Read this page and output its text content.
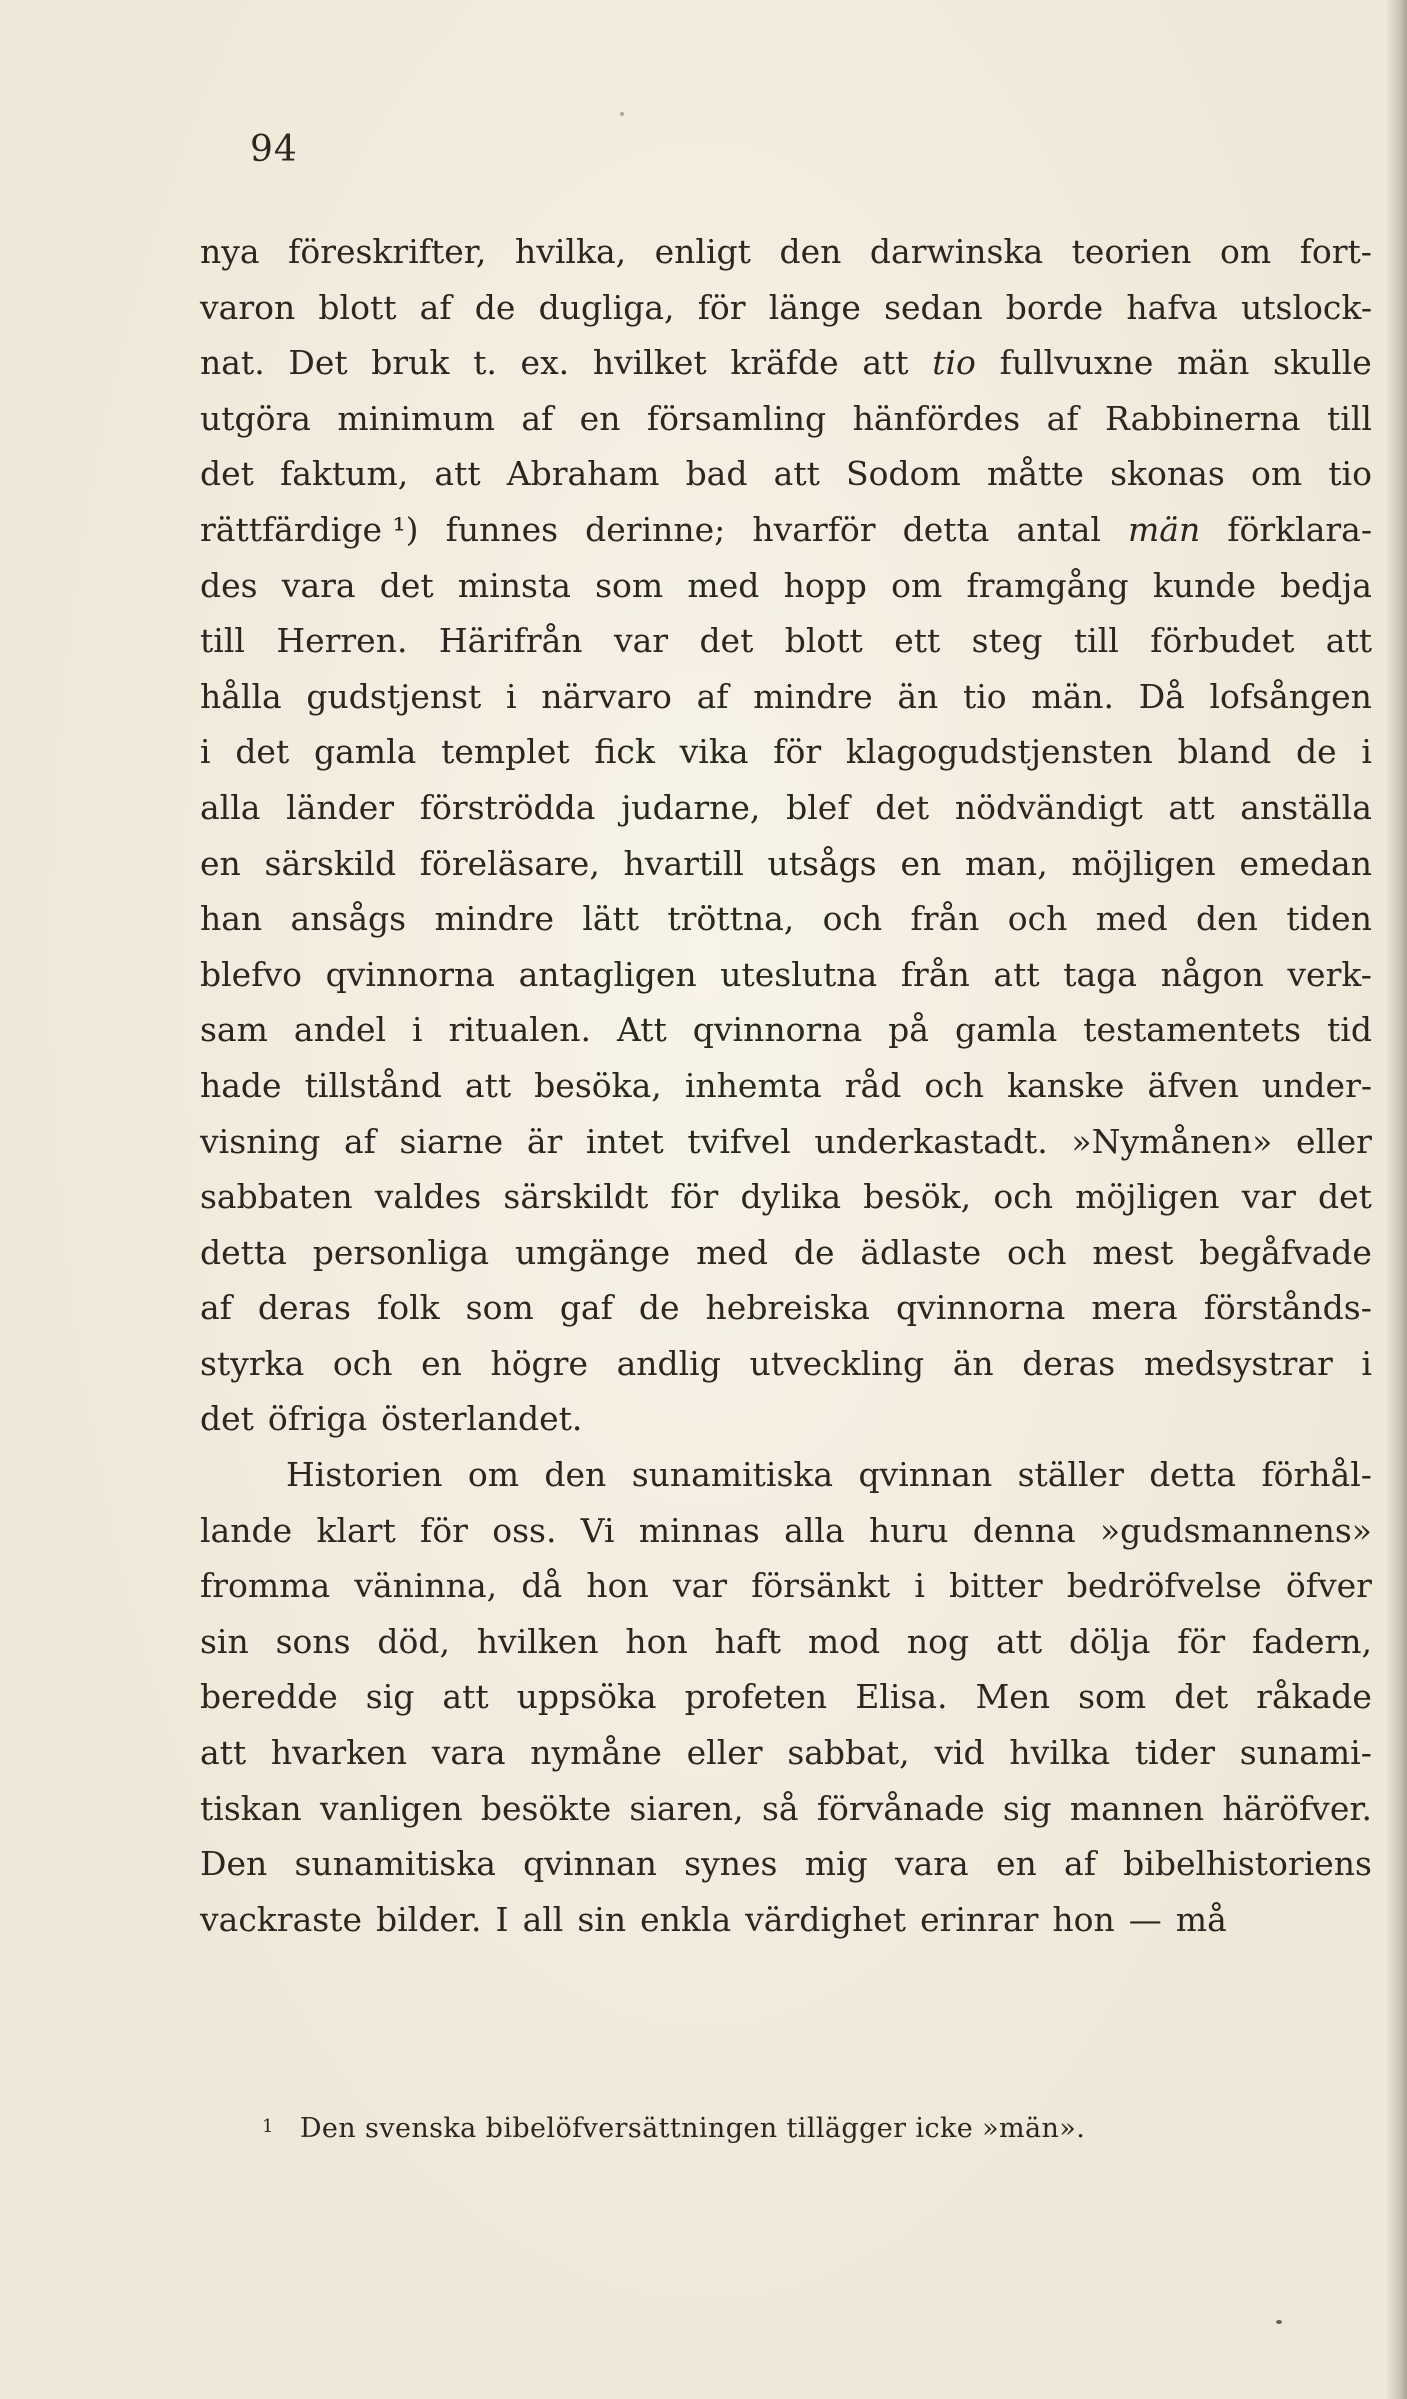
94
nya föreskrifter, hvilka, enligt den darwinska teorien om fort-
varon blott af de dugliga, för länge sedan borde hafva utslock-
nat. Det bruk t. ex. hvilket kräfde att tio fullvuxne män skulle
utgöra minimum af en församling hänfördes af Rabbinerna till
det faktum, att Abraham bad att Sodom måtte skonas om tio
rättfärdige ¹) funnes derinne; hvarför detta antal män förklara-
des vara det minsta som med hopp om framgång kunde bedja
till Herren. Härifrån var det blott ett steg till förbudet att
hålla gudstjenst i närvaro af mindre än tio män. Då lofsången
i det gamla templet fick vika för klagogudstjensten bland de i
alla länder förströdda judarne, blef det nödvändigt att anställa
en särskild föreläsare, hvartill utsågs en man, möjligen emedan
han ansågs mindre lätt tröttna, och från och med den tiden
blefvo qvinnorna antagligen uteslutna från att taga någon verk-
sam andel i ritualen. Att qvinnorna på gamla testamentets tid
hade tillstånd att besöka, inhemta råd och kanske äfven under-
visning af siarne är intet tvifvel underkastadt. »Nymånen» eller
sabbaten valdes särskildt för dylika besök, och möjligen var det
detta personliga umgänge med de ädlaste och mest begåfvade
af deras folk som gaf de hebreiska qvinnorna mera förstånds-
styrka och en högre andlig utveckling än deras medsystrar i
det öfriga österlandet.
Historien om den sunamitiska qvinnan ställer detta förhål-
lande klart för oss. Vi minnas alla huru denna »gudsmannens»
fromma väninna, då hon var försänkt i bitter bedröfvelse öfver
sin sons död, hvilken hon haft mod nog att dölja för fadern,
beredde sig att uppsöka profeten Elisa. Men som det råkade
att hvarken vara nymåne eller sabbat, vid hvilka tider sunami-
tiskan vanligen besökte siaren, så förvånade sig mannen häröfver.
Den sunamitiska qvinnan synes mig vara en af bibelhistoriens
vackraste bilder. I all sin enkla värdighet erinrar hon — må
$^1$ Den svenska bibelöfversättningen tillägger icke »män».
